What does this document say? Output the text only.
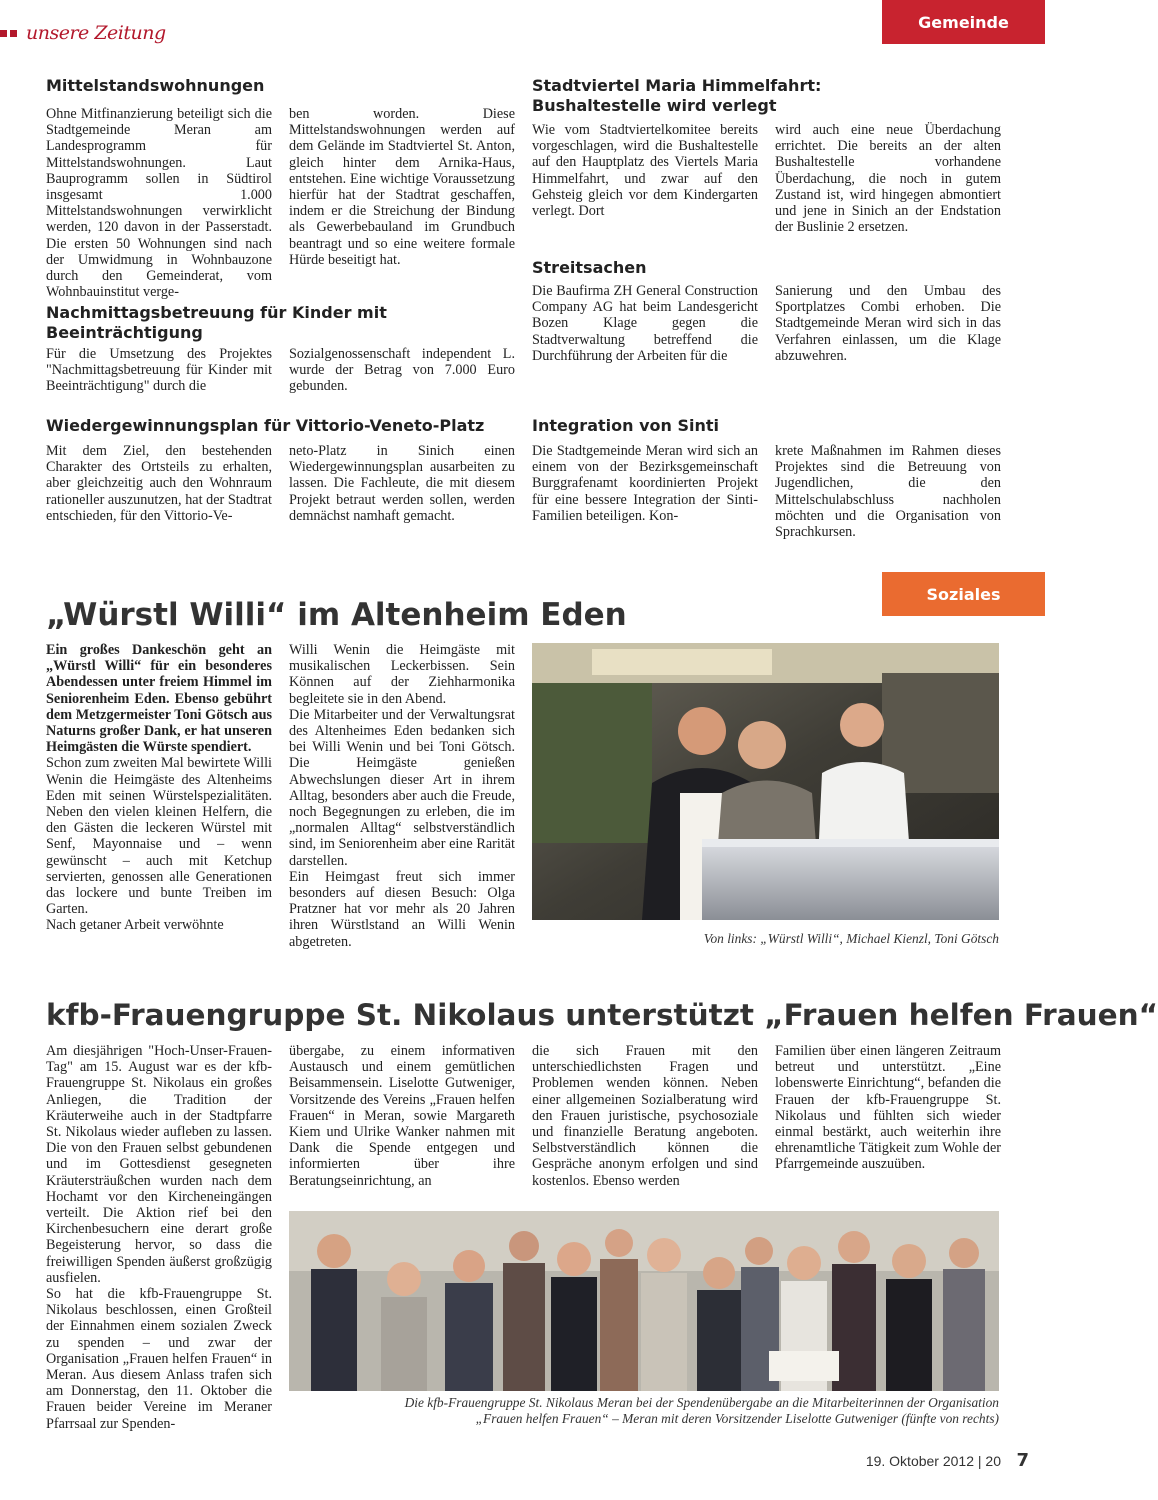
unsere Zeitung	Gemeinde
Mittelstandswohnungen
Ohne Mitfinanzierung beteiligt sich die Stadtgemeinde Meran am Landesprogramm für Mittelstandswohnungen. Laut Bauprogramm sollen in Südtirol insgesamt 1.000 Mittelstandswohnungen verwirklicht werden, 120 davon in der Passerstadt. Die ersten 50 Wohnungen sind nach der Umwidmung in Wohnbauzone durch den Gemeinderat, vom Wohnbauinstitut verge-
ben worden. Diese Mittelstandswohnungen werden auf dem Gelände im Stadtviertel St. Anton, gleich hinter dem Arnika-Haus, entstehen. Eine wichtige Voraussetzung hierfür hat der Stadtrat geschaffen, indem er die Streichung der Bindung als Gewerbebauland im Grundbuch beantragt und so eine weitere formale Hürde beseitigt hat.
Nachmittagsbetreuung für Kinder mit Beeinträchtigung
Für die Umsetzung des Projektes "Nachmittagsbetreuung für Kinder mit Beeinträchtigung" durch die
Sozialgenossenschaft independent L. wurde der Betrag von 7.000 Euro gebunden.
Wiedergewinnungsplan für Vittorio-Veneto-Platz
Mit dem Ziel, den bestehenden Charakter des Ortsteils zu erhalten, aber gleichzeitig auch den Wohnraum rationeller auszunutzen, hat der Stadtrat entschieden, für den Vittorio-Ve-
neto-Platz in Sinich einen Wiedergewinnungsplan ausarbeiten zu lassen. Die Fachleute, die mit diesem Projekt betraut werden sollen, werden demnächst namhaft gemacht.
Stadtviertel Maria Himmelfahrt: Bushaltestelle wird verlegt
Wie vom Stadtviertelkomitee bereits vorgeschlagen, wird die Bushaltestelle auf den Hauptplatz des Viertels Maria Himmelfahrt, und zwar auf den Gehsteig gleich vor dem Kindergarten verlegt. Dort
wird auch eine neue Überdachung errichtet. Die bereits an der alten Bushaltestelle vorhandene Überdachung, die noch in gutem Zustand ist, wird hingegen abmontiert und jene in Sinich an der Endstation der Buslinie 2 ersetzen.
Streitsachen
Die Baufirma ZH General Construction Company AG hat beim Landesgericht Bozen Klage gegen die Stadtverwaltung betreffend die Durchführung der Arbeiten für die
Sanierung und den Umbau des Sportplatzes Combi erhoben. Die Stadtgemeinde Meran wird sich in das Verfahren einlassen, um die Klage abzuwehren.
Integration von Sinti
Die Stadtgemeinde Meran wird sich an einem von der Bezirksgemeinschaft Burggrafenamt koordinierten Projekt für eine bessere Integration der Sinti-Familien beteiligen. Kon-
krete Maßnahmen im Rahmen dieses Projektes sind die Betreuung von Jugendlichen, die den Mittelschulabschluss nachholen möchten und die Organisation von Sprachkursen.
Soziales
„Würstl Willi“ im Altenheim Eden

Ein großes Dankeschön geht an „Würstl Willi“ für ein besonderes Abendessen unter freiem Himmel im Seniorenheim Eden. Ebenso gebührt dem Metzgermeister Toni Götsch aus Naturns großer Dank, er hat unseren Heimgästen die Würste spendiert.

Schon zum zweiten Mal bewirtete Willi Wenin die Heimgäste des Altenheims Eden mit seinen Würstelspezialitäten. Neben den vielen kleinen Helfern, die den Gästen die leckeren Würstel mit Senf, Mayonnaise und – wenn gewünscht – auch mit Ketchup servierten, genossen alle Generationen das lockere und bunte Treiben im Garten.

Nach getaner Arbeit verwöhnte

Willi Wenin die Heimgäste mit musikalischen Leckerbissen. Sein Können auf der Ziehharmonika begleitete sie in den Abend.

Die Mitarbeiter und der Verwaltungsrat des Altenheimes Eden bedanken sich bei Willi Wenin und bei Toni Götsch. Die Heimgäste genießen Abwechslungen dieser Art in ihrem Alltag, besonders aber auch die Freude, noch Begegnungen zu erleben, die im „normalen Alltag“ selbstverständlich sind, im Seniorenheim aber eine Rarität darstellen.

Ein Heimgast freut sich immer besonders auf diesen Besuch: Olga Pratzner hat vor mehr als 20 Jahren ihren Würstlstand an Willi Wenin abgetreten.	Von links: „Würstl Willi“, Michael Kienzl, Toni Götsch
kfb-Frauengruppe St. Nikolaus unterstützt „Frauen helfen Frauen“

Am diesjährigen "Hoch-Unser-Frauen-Tag" am 15. August war es der kfb-Frauengruppe St. Nikolaus ein großes Anliegen, die Tradition der Kräuterweihe auch in der Stadtpfarre St. Nikolaus wieder aufleben zu lassen. Die von den Frauen selbst gebundenen und im Gottesdienst gesegneten Kräutersträußchen wurden nach dem Hochamt vor den Kircheneingängen verteilt. Die Aktion rief bei den Kirchenbesuchern eine derart große Begeisterung hervor, so dass die freiwilligen Spenden äußerst großzügig ausfielen.

So hat die kfb-Frauengruppe St. Nikolaus beschlossen, einen Großteil der Einnahmen einem sozialen Zweck zu spenden – und zwar der Organisation „Frauen helfen Frauen“ in Meran. Aus diesem Anlass trafen sich am Donnerstag, den 11. Oktober die Frauen beider Vereine im Meraner Pfarrsaal zur Spenden-

übergabe, zu einem informativen Austausch und einem gemütlichen Beisammensein. Liselotte Gutweniger, Vorsitzende des Vereins „Frauen helfen Frauen“ in Meran, sowie Margareth Kiem und Ulrike Wanker nahmen mit Dank die Spende entgegen und informierten über ihre Beratungseinrichtung, an
die sich Frauen mit den unterschiedlichsten Fragen und Problemen wenden können. Neben einer allgemeinen Sozialberatung wird den Frauen juristische, psychosoziale und finanzielle Beratung angeboten. Selbstverständlich können die Gespräche anonym erfolgen und sind kostenlos. Ebenso werden
Familien über einen längeren Zeitraum betreut und unterstützt. „Eine lobenswerte Einrichtung“, befanden die Frauen der kfb-Frauengruppe St. Nikolaus und fühlten sich wieder einmal bestärkt, auch weiterhin ihre ehrenamtliche Tätigkeit zum Wohle der Pfarrgemeinde auszuüben.
Die kfb-Frauengruppe St. Nikolaus Meran bei der Spendenübergabe an die Mitarbeiterinnen der Organisation
„Frauen helfen Frauen“ – Meran mit deren Vorsitzender Liselotte Gutweniger (fünfte von rechts)
19. Oktober 2012 | 20 7
